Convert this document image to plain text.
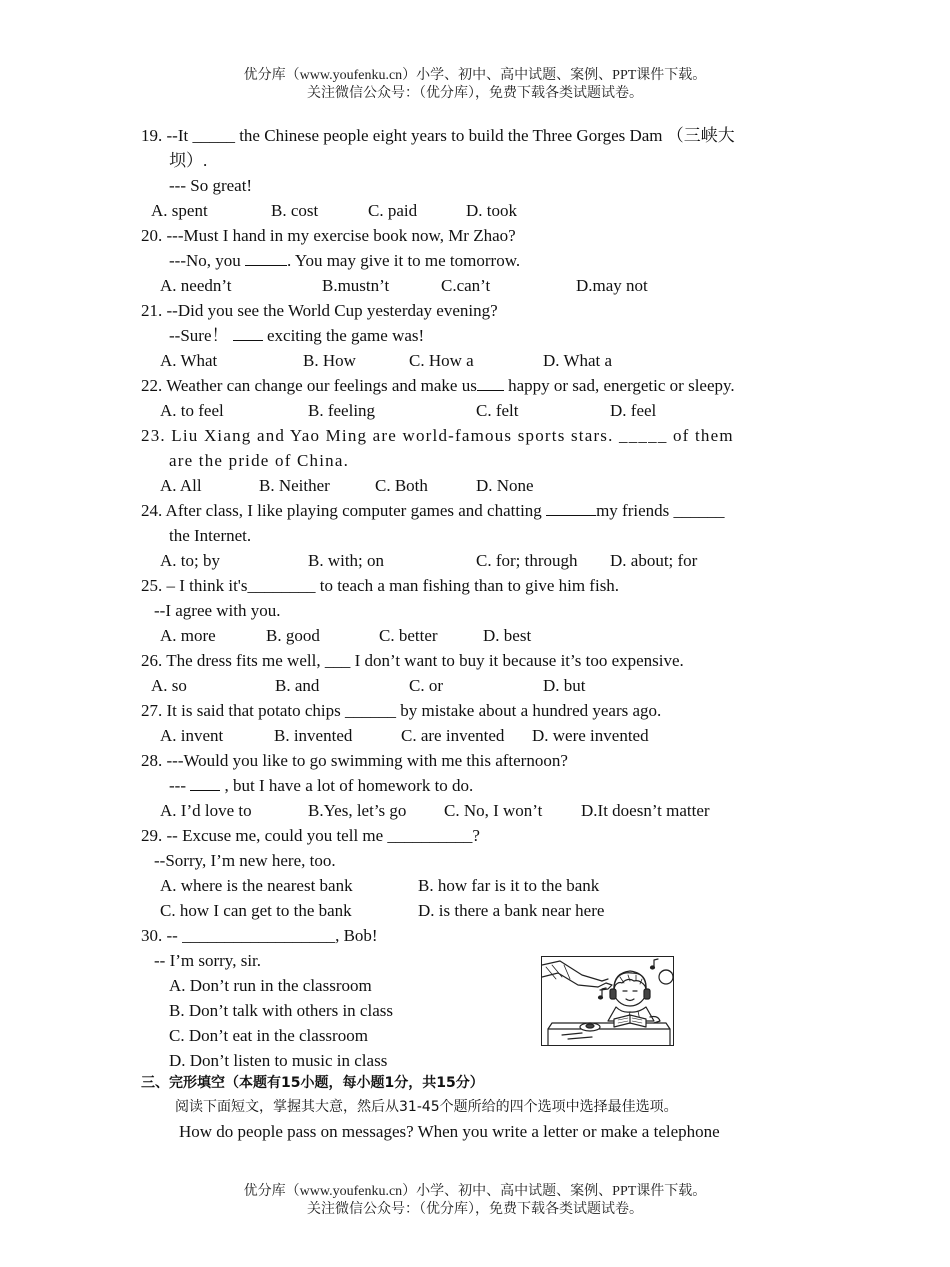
优分库（www.youfenku.cn）小学、初中、高中试题、案例、PPT课件下载。
关注微信公众号：（优分库），免费下载各类试题试卷。
19. --It _____ the Chinese people eight years to build the Three Gorges Dam （三峡大
坝）.
--- So great!
A. spent	B. cost	C. paid	D. took
20. ---Must I hand in my exercise book now, Mr Zhao?
---No, you . You may give it to me tomorrow.
A. needn’t	B.mustn’t	C.can’t	D.may not
21. --Did you see the World Cup yesterday evening?
--Sure！  exciting the game was!
A. What	B. How	C. How a	D. What a
22. Weather can change our feelings and make us happy or sad, energetic or sleepy.
A. to feel	B. feeling	C. felt	D. feel
23. Liu Xiang and Yao Ming are world-famous sports stars. _____ of them
are the pride of China.
A. All	B. Neither	C. Both	D. None
24. After class, I like playing computer games and chatting	my friends ______
the Internet.
A. to; by	B. with; on	C. for; through D. about; for
25. – I think it's________ to teach a man fishing than to give him fish.
--I agree with you.
A. more	B. good	C. better	D. best
26. The dress fits me well, ___ I don’t want to buy it because it’s too expensive.
A. so	B. and	C. or	D. but
27. It is said that potato chips ______ by mistake about a hundred years ago.
A. invent	B. invented	C. are invented D. were invented
28. ---Would you like to go swimming with me this afternoon?
---  , but I have a lot of homework to do.
A. I’d love to	B.Yes, let’s go C. No, I won’t D.It doesn’t matter
29. -- Excuse me, could you tell me __________?
--Sorry, I’m new here, too.
A. where is the nearest bank	B. how far is it to the bank
C. how I can get to the bank	D. is there a bank near here
30. -- __________________, Bob!
-- I’m sorry, sir.
A. Don’t run in the classroom
B. Don’t talk with others in class
C. Don’t eat in the classroom
D. Don’t listen to music in class
三、完形填空（本题有15小题，每小题1分，共15分）
阅读下面短文，掌握其大意，然后从31-45个题所给的四个选项中选择最佳选项。
How do people pass on messages? When you write a letter or make a telephone
优分库（www.youfenku.cn）小学、初中、高中试题、案例、PPT课件下载。
关注微信公众号：（优分库），免费下载各类试题试卷。
